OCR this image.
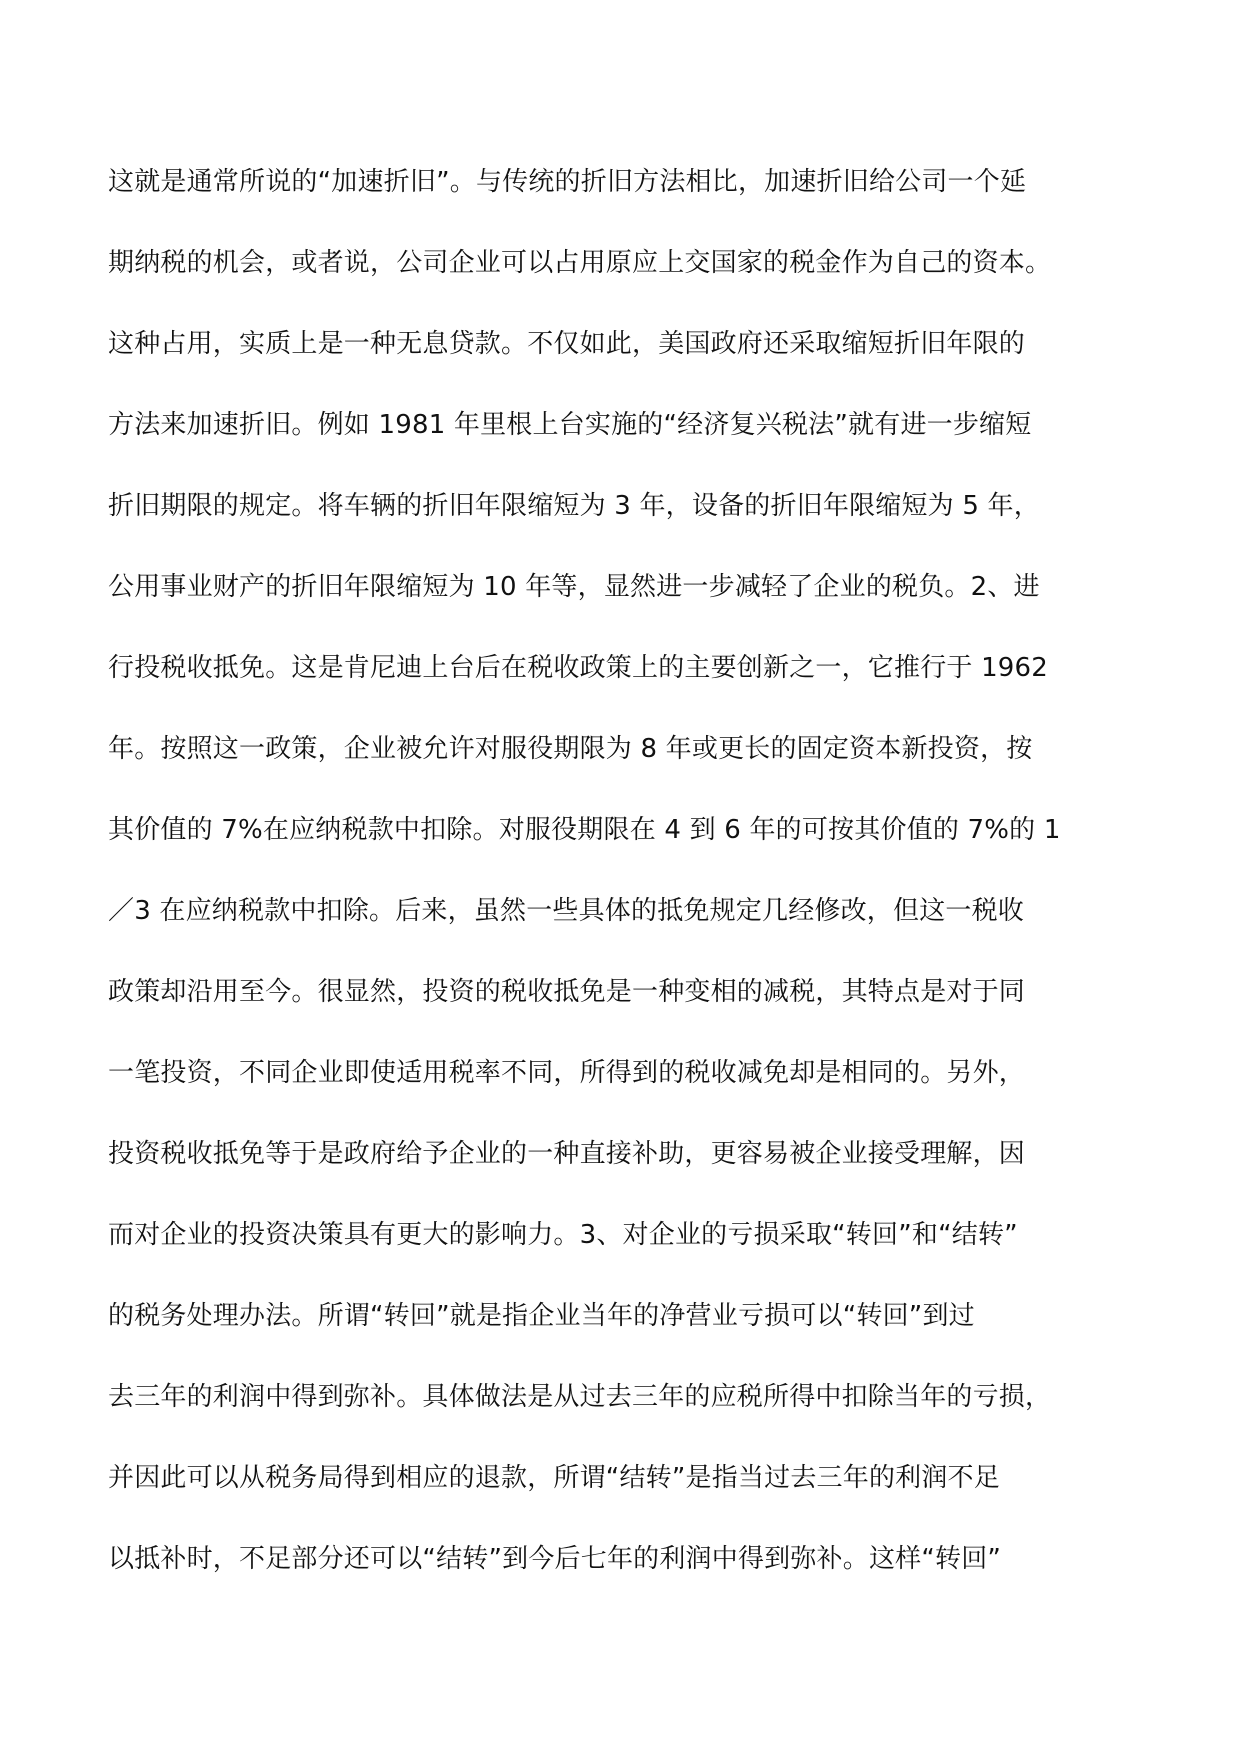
这就是通常所说的“加速折旧”。与传统的折旧方法相比，加速折旧给公司一个延
期纳税的机会，或者说，公司企业可以占用原应上交国家的税金作为自己的资本。
这种占用，实质上是一种无息贷款。不仅如此，美国政府还采取缩短折旧年限的
方法来加速折旧。例如 1981 年里根上台实施的“经济复兴税法”就有进一步缩短
折旧期限的规定。将车辆的折旧年限缩短为 3 年，设备的折旧年限缩短为 5 年，
公用事业财产的折旧年限缩短为 10 年等，显然进一步减轻了企业的税负。2、进
行投税收抵免。这是肯尼迪上台后在税收政策上的主要创新之一，它推行于 1962
年。按照这一政策，企业被允许对服役期限为 8 年或更长的固定资本新投资，按
其价值的 7%在应纳税款中扣除。对服役期限在 4 到 6 年的可按其价值的 7%的 1
／3 在应纳税款中扣除。后来，虽然一些具体的抵免规定几经修改，但这一税收
政策却沿用至今。很显然，投资的税收抵免是一种变相的减税，其特点是对于同
一笔投资，不同企业即使适用税率不同，所得到的税收减免却是相同的。另外，
投资税收抵免等于是政府给予企业的一种直接补助，更容易被企业接受理解，因
而对企业的投资决策具有更大的影响力。3、对企业的亏损采取“转回”和“结转”
的税务处理办法。所谓“转回”就是指企业当年的净营业亏损可以“转回”到过
去三年的利润中得到弥补。具体做法是从过去三年的应税所得中扣除当年的亏损，
并因此可以从税务局得到相应的退款，所谓“结转”是指当过去三年的利润不足
以抵补时，不足部分还可以“结转”到今后七年的利润中得到弥补。这样“转回”
